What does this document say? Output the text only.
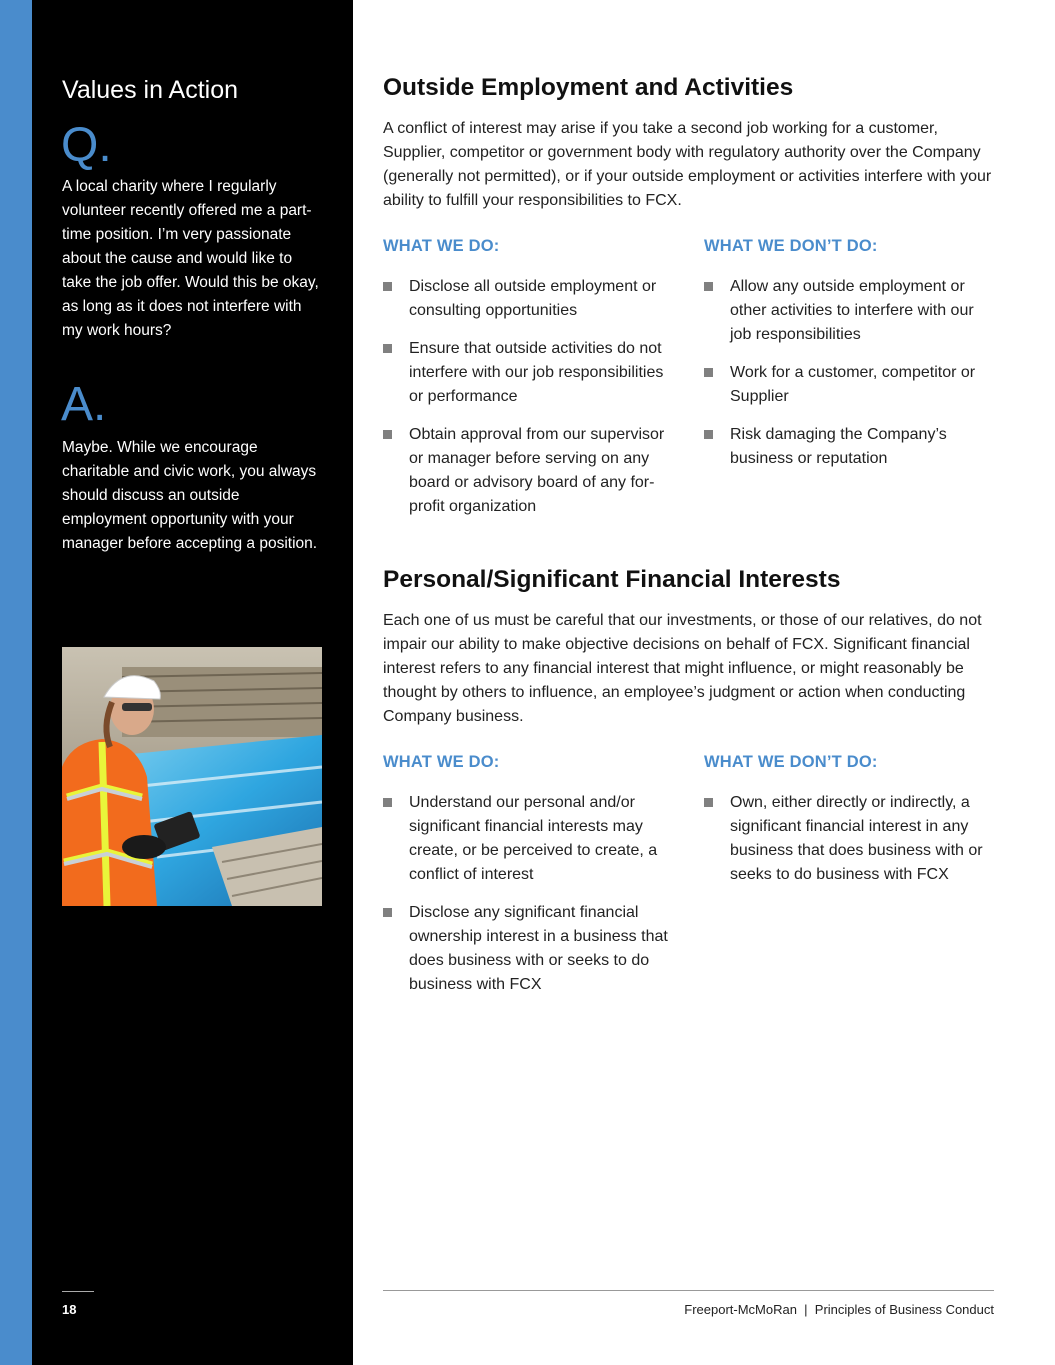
Values in Action
Q.

A local charity where I regularly volunteer recently offered me a part-time position. I’m very passionate about the cause and would like to take the job offer. Would this be okay, as long as it does not interfere with my work hours?

A.

Maybe. While we encourage charitable and civic work, you always should discuss an outside employment opportunity with your manager before accepting a position.

18
Outside Employment and Activities

A conflict of interest may arise if you take a second job working for a customer, Supplier, competitor or government body with regulatory authority over the Company (generally not permitted), or if your outside employment or activities interfere with your ability to fulfill your responsibilities to FCX.

WHAT WE DO:
Disclose all outside employment or consulting opportunities
Ensure that outside activities do not interfere with our job responsibilities or performance
Obtain approval from our supervisor or manager before serving on any board or advisory board of any for-profit organization
WHAT WE DON’T DO:
Allow any outside employment or other activities to interfere with our job responsibilities
Work for a customer, competitor or Supplier
Risk damaging the Company’s business or reputation
Personal/Significant Financial Interests

Each one of us must be careful that our investments, or those of our relatives, do not impair our ability to make objective decisions on behalf of FCX. Significant financial interest refers to any financial interest that might influence, or might reasonably be thought by others to influence, an employee’s judgment or action when conducting Company business.

WHAT WE DO:
Understand our personal and/or significant financial interests may create, or be perceived to create, a conflict of interest
Disclose any significant financial ownership interest in a business that does business with or seeks to do business with FCX
WHAT WE DON’T DO:
Own, either directly or indirectly, a significant financial interest in any business that does business with or seeks to do business with FCX
Freeport-McMoRan  |  Principles of Business Conduct
